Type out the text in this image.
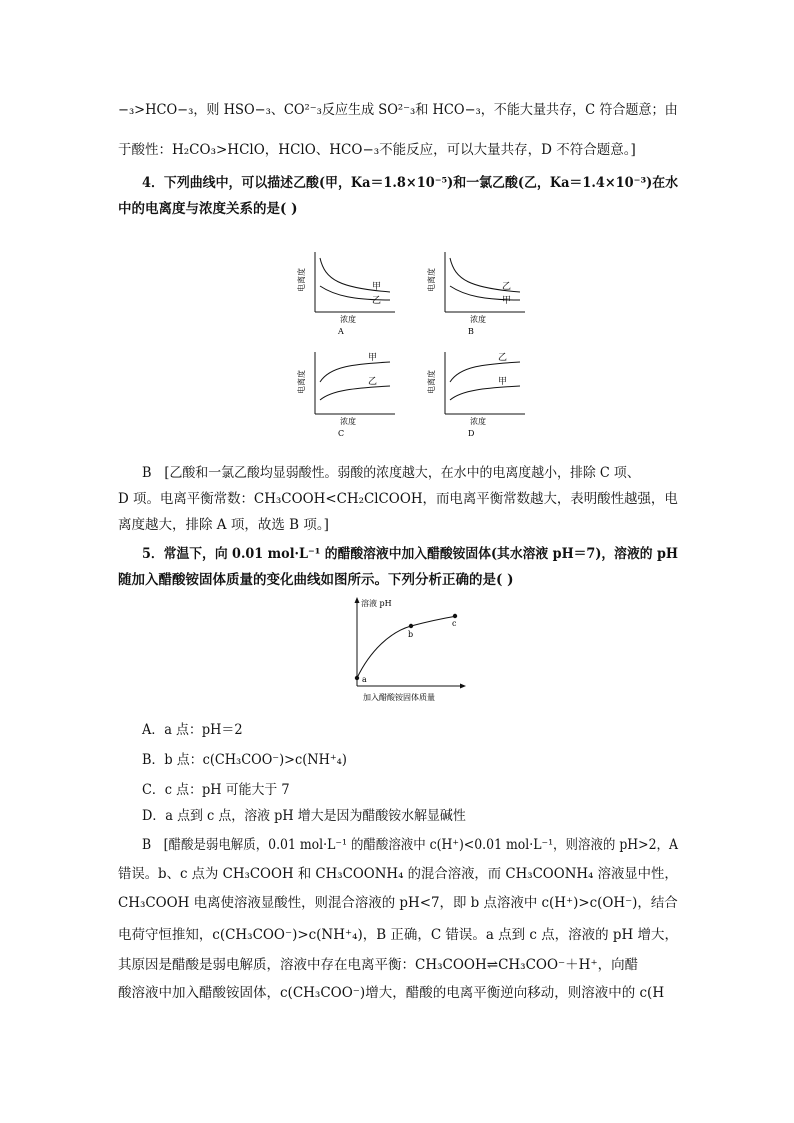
−₃>HCO−₃，则 HSO−₃、CO²⁻₃反应生成 SO²⁻₃和 HCO−₃，不能大量共存，C 符合题意；由
于酸性：H₂CO₃>HClO，HClO、HCO−₃不能反应，可以大量共存，D 不符合题意。]
4．下列曲线中，可以描述乙酸(甲，Ka＝1.8×10⁻⁵)和一氯乙酸(乙，Ka＝1.4×10⁻³)在水
中的电离度与浓度关系的是( )
甲
乙
电离度
浓度
A
乙
甲
电离度
浓度
B
甲
乙
电离度
浓度
C
乙
甲
电离度
浓度
D
B　[乙酸和一氯乙酸均显弱酸性。弱酸的浓度越大，在水中的电离度越小，排除 C 项、
D 项。电离平衡常数：CH₃COOH<CH₂ClCOOH，而电离平衡常数越大，表明酸性越强，电
离度越大，排除 A 项，故选 B 项。]
5．常温下，向 0.01 mol·L⁻¹ 的醋酸溶液中加入醋酸铵固体(其水溶液 pH＝7)，溶液的 pH
随加入醋酸铵固体质量的变化曲线如图所示。下列分析正确的是( )
a
b
c
溶液 pH
加入醋酸铵固体质量
A．a 点：pH＝2
B．b 点：c(CH₃COO⁻)>c(NH⁺₄)
C．c 点：pH 可能大于 7
D．a 点到 c 点，溶液 pH 增大是因为醋酸铵水解显碱性
B　[醋酸是弱电解质，0.01 mol·L⁻¹ 的醋酸溶液中 c(H⁺)<0.01 mol·L⁻¹，则溶液的 pH>2，A
错误。b、c 点为 CH₃COOH 和 CH₃COONH₄ 的混合溶液，而 CH₃COONH₄ 溶液显中性，
CH₃COOH 电离使溶液显酸性，则混合溶液的 pH<7，即 b 点溶液中 c(H⁺)>c(OH⁻)，结合
电荷守恒推知，c(CH₃COO⁻)>c(NH⁺₄)，B 正确，C 错误。a 点到 c 点，溶液的 pH 增大，
其原因是醋酸是弱电解质，溶液中存在电离平衡：CH₃COOH⇌CH₃COO⁻＋H⁺，向醋
酸溶液中加入醋酸铵固体，c(CH₃COO⁻)增大，醋酸的电离平衡逆向移动，则溶液中的 c(H
